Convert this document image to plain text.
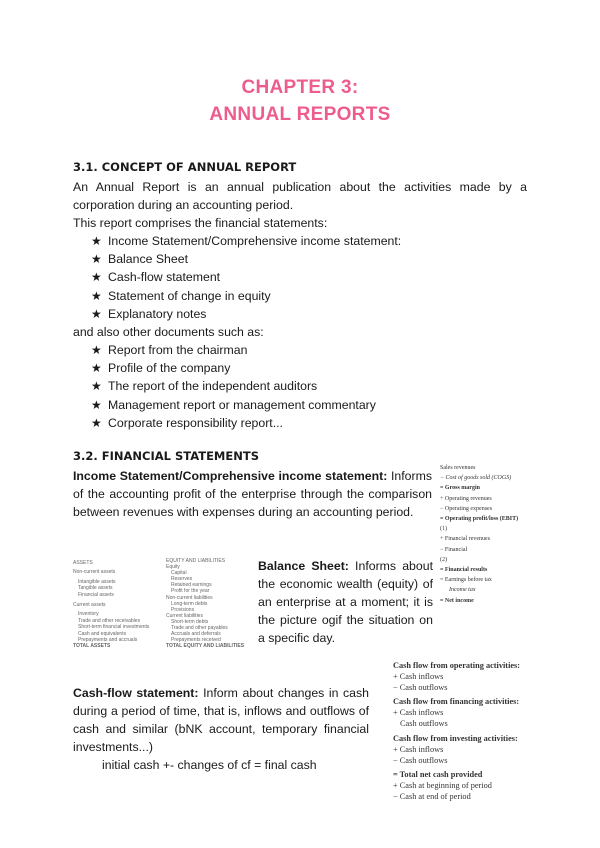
CHAPTER 3:
ANNUAL REPORTS
3.1. CONCEPT OF ANNUAL REPORT
An Annual Report is an annual publication about the activities made by a corporation during an accounting period.
This report comprises the financial statements:
★ Income Statement/Comprehensive income statement:
★ Balance Sheet
★ Cash-flow statement
★ Statement of change in equity
★ Explanatory notes
and also other documents such as:
★ Report from the chairman
★ Profile of the company
★ The report of the independent auditors
★ Management report or management commentary
★ Corporate responsibility report...
3.2. FINANCIAL STATEMENTS
Income Statement/Comprehensive income statement: Informs of the accounting profit of the enterprise through the comparison between revenues with expenses during an accounting period.
Sales revenues
− Cost of goods sold (COGS)
= Gross margin
+ Operating revenues
− Operating expenses
= Operating profit/loss (EBIT)
(1)
+ Financial revenues
− Financial
(2)
= Financial results
= Earnings before tax
Income tax
= Net income
ASSETS
Non-current assets
Intangible assets
Tangible assets
Financial assets
Current assets
Inventory
Trade and other receivables
Short-term financial investments
Cash and equivalents
Prepayments and accruals
TOTAL ASSETS
EQUITY AND LIABILITIES
Equity
Capital
Reserves
Retained earnings
Profit for the year
Non-current liabilities
Long-term debts
Provisions
Current liabilities
Short-term debts
Trade and other payables
Accruals and deferrals
Prepayments received
TOTAL EQUITY AND LIABILITIES
Balance Sheet: Informs about the economic wealth (equity) of an enterprise at a moment; it is the picture ogif the situation on a specific day.
Cash-flow statement: Inform about changes in cash during a period of time, that is, inflows and outflows of cash and similar (bNK account, temporary financial investments...)
initial cash +- changes of cf = final cash
Cash flow from operating activities:
+ Cash inflows
− Cash outflows
Cash flow from financing activities:
+ Cash inflows
Cash outflows
Cash flow from investing activities:
+ Cash inflows
− Cash outflows
= Total net cash provided
+ Cash at beginning of period
− Cash at end of period
